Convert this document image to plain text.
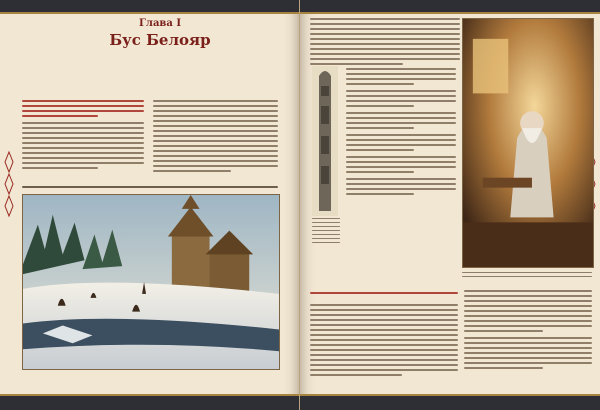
Глава I
Бус Белояр
